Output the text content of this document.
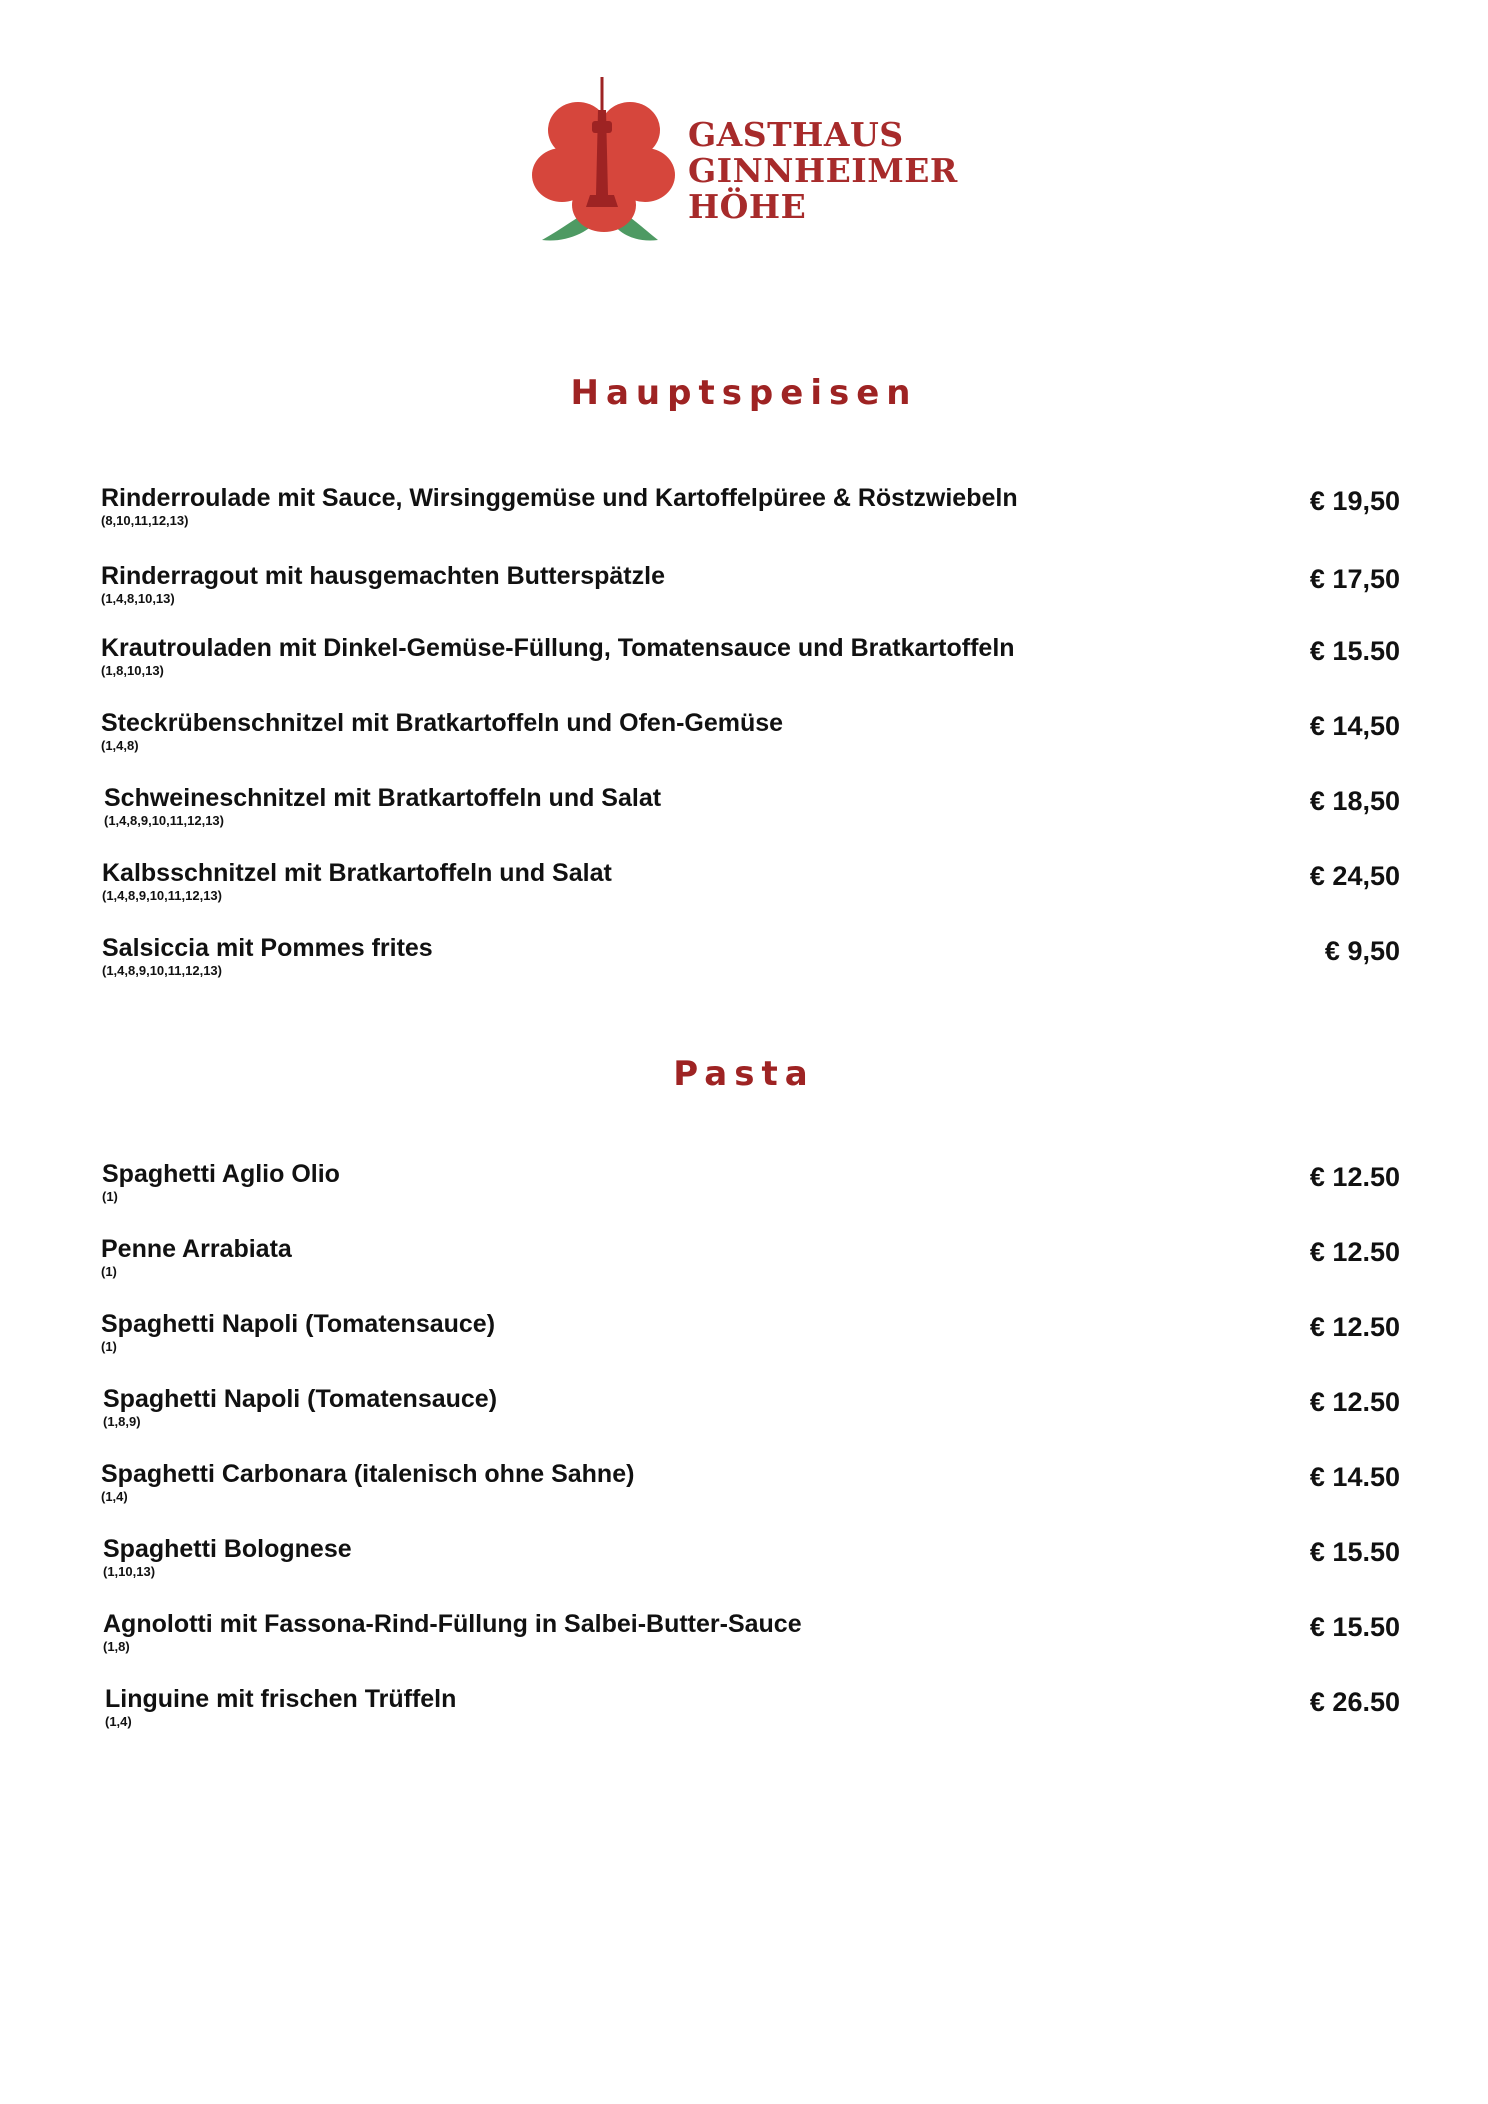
GASTHAUS
GINNHEIMER
HÖHE
Hauptspeisen
Rinderroulade mit Sauce, Wirsinggemüse und Kartoffelpüree & Röstzwiebeln
(8,10,11,12,13)
€ 19,50
Rinderragout mit hausgemachten Butterspätzle
(1,4,8,10,13)
€ 17,50
Krautrouladen mit Dinkel-Gemüse-Füllung, Tomatensauce und Bratkartoffeln
(1,8,10,13)
€ 15.50
Steckrübenschnitzel mit Bratkartoffeln und Ofen-Gemüse
(1,4,8)
€ 14,50
Schweineschnitzel mit Bratkartoffeln und Salat
(1,4,8,9,10,11,12,13)
€ 18,50
Kalbsschnitzel mit Bratkartoffeln und Salat
(1,4,8,9,10,11,12,13)
€ 24,50
Salsiccia mit Pommes frites
(1,4,8,9,10,11,12,13)
€ 9,50
Pasta
Spaghetti Aglio Olio
(1)
€ 12.50
Penne Arrabiata
(1)
€ 12.50
Spaghetti Napoli (Tomatensauce)
(1)
€ 12.50
Spaghetti Napoli (Tomatensauce)
(1,8,9)
€ 12.50
Spaghetti Carbonara (italenisch ohne Sahne)
(1,4)
€ 14.50
Spaghetti Bolognese
(1,10,13)
€ 15.50
Agnolotti mit Fassona-Rind-Füllung in Salbei-Butter-Sauce
(1,8)
€ 15.50
Linguine mit frischen Trüffeln
(1,4)
€ 26.50
